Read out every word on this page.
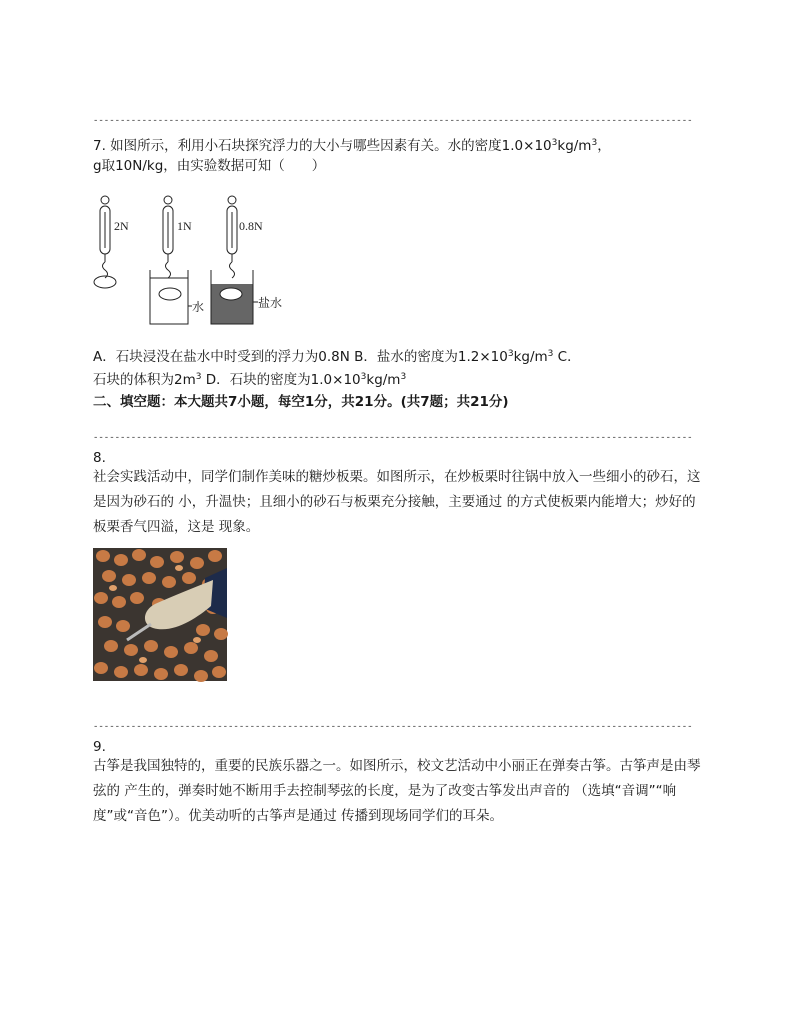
---------------------------------------------------------------------------------------------------------------
7. 如图所示，利用小石块探究浮力的大小与哪些因素有关。水的密度$1.0\times 10^3kg/m^3$，
g取10N/kg，由实验数据可知（　　）
2N	1N	0.8N
水	盐水
A．石块浸没在盐水中时受到的浮力为0.8N B．盐水的密度为$1.2\times 10^3kg/m^3$ C．
石块的体积为$2m^3$ D．石块的密度为$1.0\times 10^3kg/m^3$
二、填空题：本大题共7小题，每空1分，共21分。(共7题；共21分)
---------------------------------------------------------------------------------------------------------------
8.
社会实践活动中，同学们制作美味的糖炒板栗。如图所示，在炒板栗时往锅中放入一些细小的砂石，这是因为砂石的 小，升温快；且细小的砂石与板栗充分接触，主要通过 的方式使板栗内能增大；炒好的板栗香气四溢，这是 现象。
---------------------------------------------------------------------------------------------------------------
9.
古筝是我国独特的，重要的民族乐器之一。如图所示，校文艺活动中小丽正在弹奏古筝。古筝声是由琴弦的 产生的，弹奏时她不断用手去控制琴弦的长度，是为了改变古筝发出声音的 （选填“音调”“响度”或“音色”）。优美动听的古筝声是通过 传播到现场同学们的耳朵。
